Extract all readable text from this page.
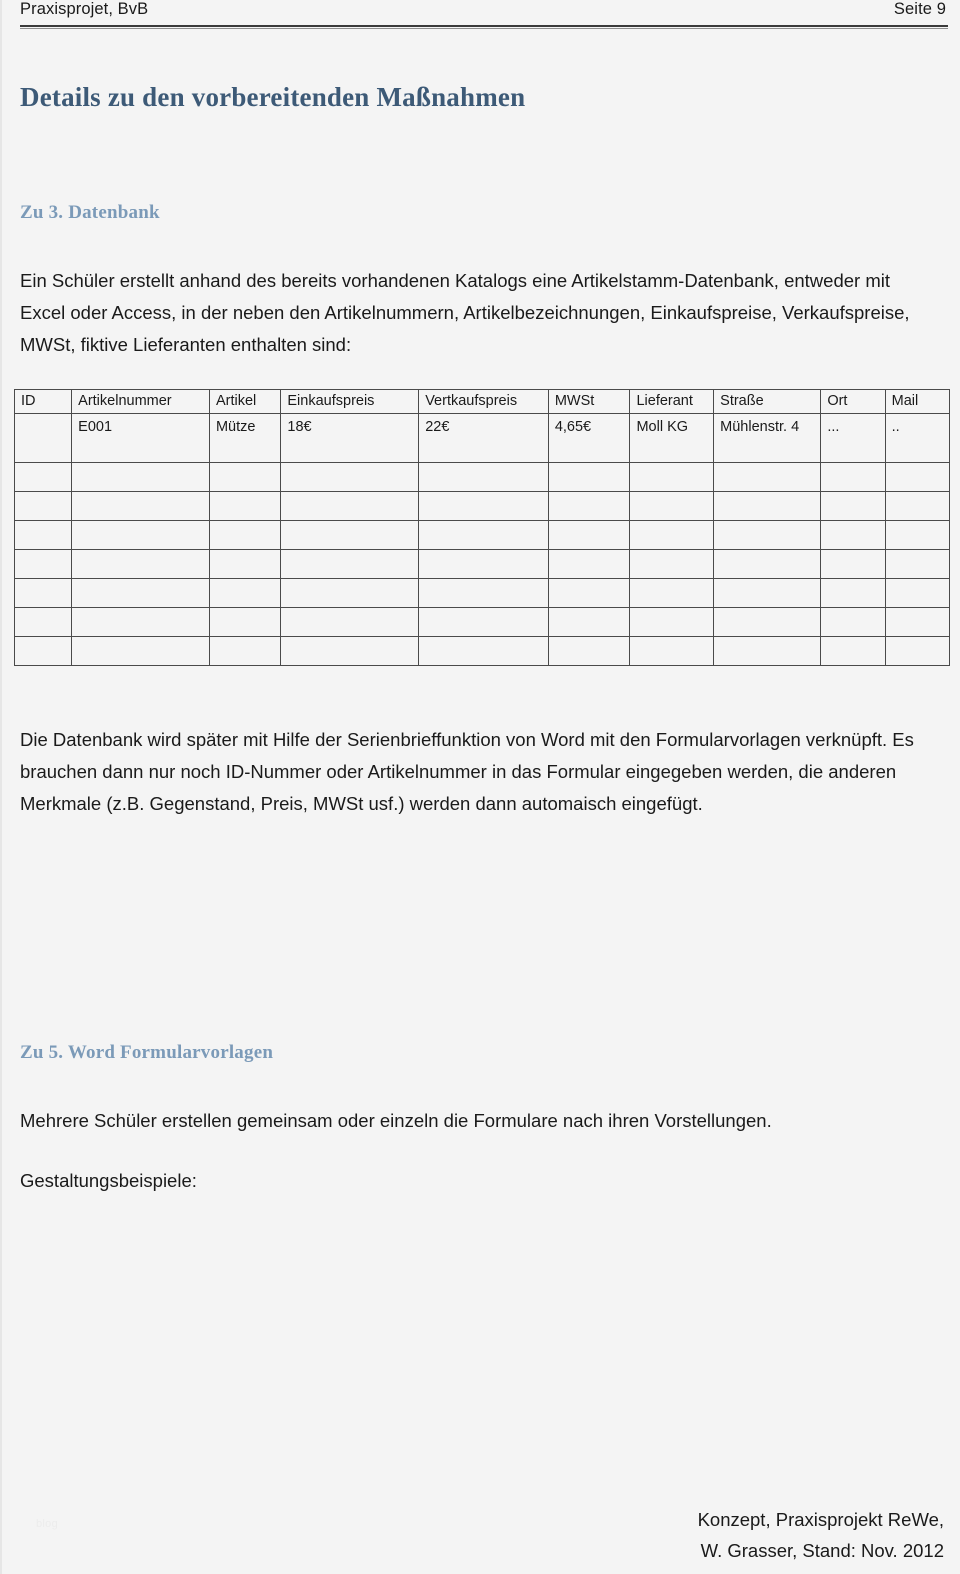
Praxisprojet, BvB	Seite 9
Details zu den vorbereitenden Maßnahmen
Zu 3. Datenbank

Ein Schüler erstellt anhand des bereits vorhandenen Katalogs eine Artikelstamm-Datenbank, entweder mit Excel oder Access, in der neben den Artikelnummern, Artikelbezeichnungen, Einkaufspreise, Verkaufspreise, MWSt, fiktive Lieferanten enthalten sind:

ID	Artikelnummer	Artikel	Einkaufspreis	Vertkaufspreis	MWSt	Lieferant	Straße	Ort	Mail
	E001	Mütze	18€	22€	4,65€	Moll KG	Mühlenstr. 4	...	..

Die Datenbank wird später mit Hilfe der Serienbrieffunktion von Word mit den Formularvorlagen verknüpft. Es brauchen dann nur noch ID-Nummer oder Artikelnummer in das Formular eingegeben werden, die anderen Merkmale (z.B. Gegenstand, Preis, MWSt usf.) werden dann automaisch eingefügt.

Zu 5. Word Formularvorlagen

Mehrere Schüler erstellen gemeinsam oder einzeln die Formulare nach ihren Vorstellungen.

Gestaltungsbeispiele:

blog	Konzept, Praxisprojekt ReWe,
W. Grasser, Stand: Nov. 2012
